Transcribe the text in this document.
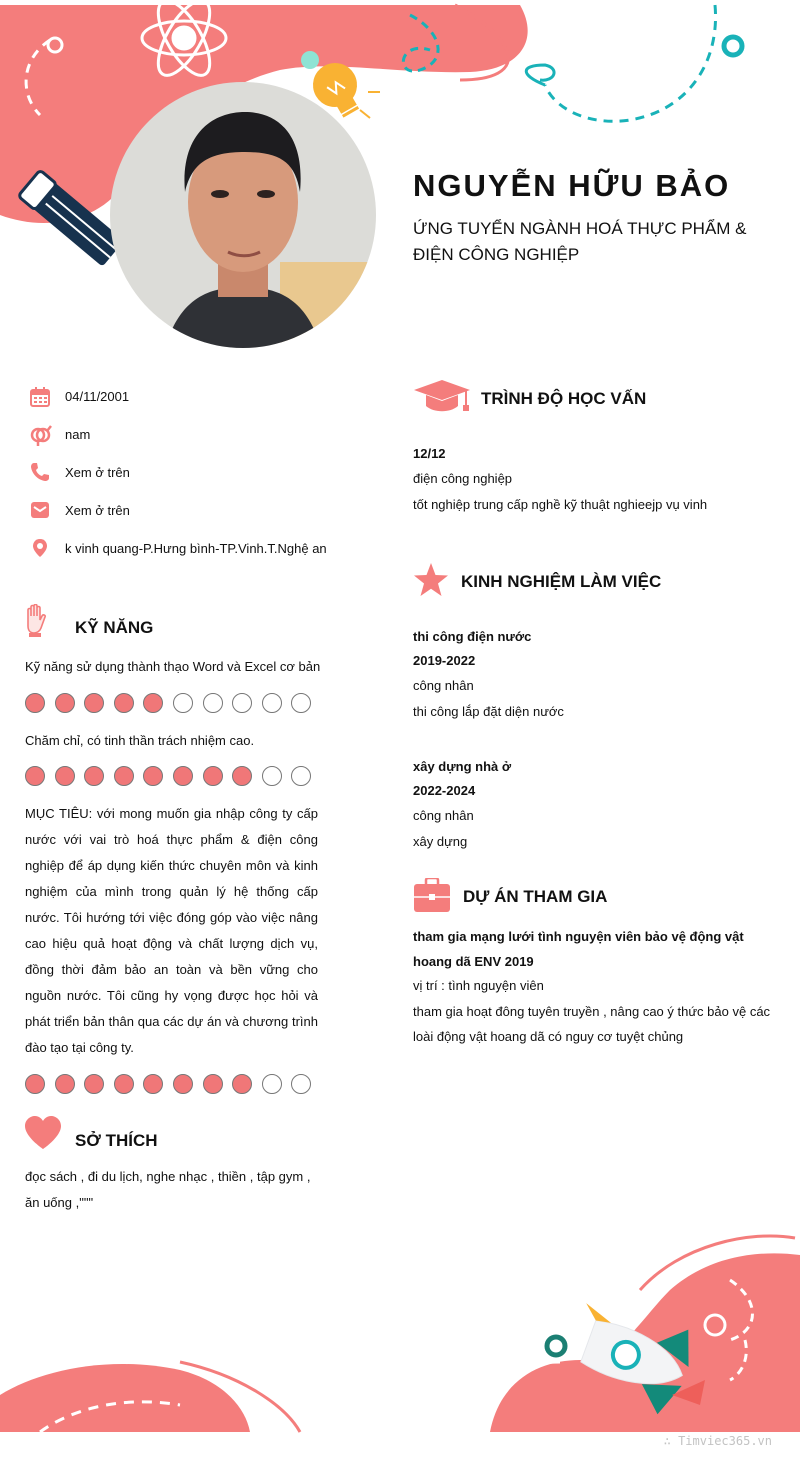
NGUYỄN HỮU BẢO
ỨNG TUYỂN NGÀNH HOÁ THỰC PHẨM & ĐIỆN CÔNG NGHIỆP
04/11/2001
nam
Xem ở trên
Xem ở trên
k vinh quang-P.Hưng bình-TP.Vinh.T.Nghệ an
KỸ NĂNG
Kỹ năng sử dụng thành thạo Word và Excel cơ bản
Chăm chỉ, có tinh thần trách nhiệm cao.
MỤC TIÊU: với mong muốn gia nhập công ty cấp nước với vai trò hoá thực phẩm & điện công nghiệp để áp dụng kiến thức chuyên môn và kinh nghiệm của mình trong quản lý hệ thống cấp nước. Tôi hướng tới việc đóng góp vào việc nâng cao hiệu quả hoạt động và chất lượng dịch vụ, đồng thời đảm bảo an toàn và bền vững cho nguồn nước. Tôi cũng hy vọng được học hỏi và phát triển bản thân qua các dự án và chương trình đào tạo tại công ty.
SỞ THÍCH
đọc sách , đi du lịch, nghe nhạc , thiền , tập gym , ăn uống ,"""
TRÌNH ĐỘ HỌC VẤN
12/12
điện công nghiệp
tốt nghiệp trung cấp nghề kỹ thuật nghieejp vụ vinh
KINH NGHIỆM LÀM VIỆC
thi công điện nước
2019-2022
công nhân
thi công lắp đặt diện nước
xây dựng nhà ở
2022-2024
công nhân
xây dựng
DỰ ÁN THAM GIA
tham gia mạng lưới tình nguyện viên bảo vệ động vật hoang dã ENV 2019
vị trí : tình nguyện viên
tham gia hoạt đông tuyên truyền , nâng cao ý thức bảo vệ các loài động vật hoang dã có nguy cơ tuyệt chủng
∴ Timviec365.vn
